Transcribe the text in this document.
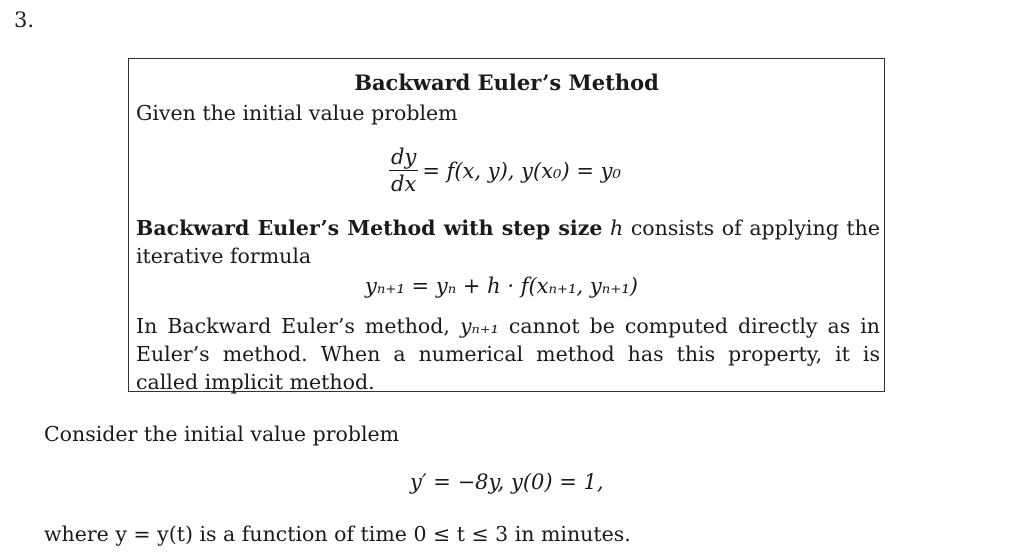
3.
Backward Euler’s Method
Given the initial value problem
$\frac{dy}{dx} = f(x$, y), y(x₀) = y₀
Backward Euler’s Method with step size h consists of applying the iterative formula
yₙ₊₁ = yₙ + h · f(xₙ₊₁, yₙ₊₁)
In Backward Euler’s method, yₙ₊₁ cannot be computed directly as in Euler’s method. When a numerical method has this property, it is called implicit method.
Consider the initial value problem
y′ = −8y, y(0) = 1,
where y = y(t) is a function of time 0 ≤ t ≤ 3 in minutes.
